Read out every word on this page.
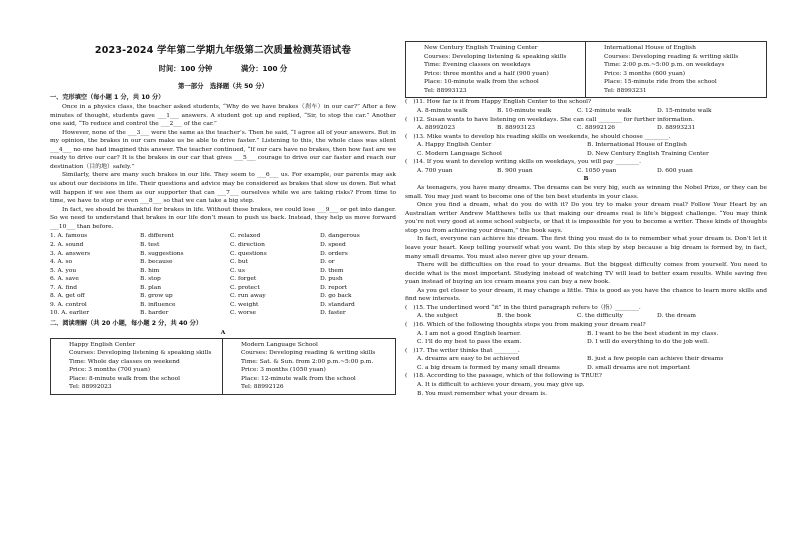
2023-2024 学年第二学期九年级第二次质量检测英语试卷
时间：100 分钟　　　　满分：100 分
第一部分　选择题（共 50 分）
一、完形填空（每小题 1 分，共 10 分）

Once in a physics class, the teacher asked students, “Why do we have brakes（刹车）in our car?” After a few minutes of thought, students gave ___1___ answers. A student got up and replied, “Sir, to stop the car.” Another one said, “To reduce and control the ___2___ of the car.”

However, none of the ___3___ were the same as the teacher’s. Then he said, “I agree all of your answers. But in my opinion, the brakes in our cars make us be able to drive faster.” Listening to this, the whole class was silent ___4___ no one had imagined this answer. The teacher continued, “If our cars have no brakes, then how fast are we ready to drive our car? It is the brakes in our car that gives ___5___ courage to drive our car faster and reach our destination（目的地）safely.”

Similarly, there are many such brakes in our life. They seem to ___6___ us. For example, our parents may ask us about our decisions in life. Their questions and advice may be considered as brakes that slow us down. But what will happen if we see them as our supporter that can ___7___ ourselves while we are taking risks? From time to time, we have to stop or even ___8___ so that we can take a big step.

In fact, we should be thankful for brakes in life. Without these brakes, we could lose ___9___ or get into danger. So we need to understand that brakes in our life don’t mean to push us back. Instead, they help us move forward ___10___ than before.

1. A. famous	B. different	C. relaxed	D. dangerous
2. A. sound	B. test	C. direction	D. speed
3. A. answers	B. suggestions	C. questions	D. orders
4. A. so	B. because	C. but	D. or
5. A. you	B. him	C. us	D. them
6. A. save	B. stop	C. forget	D. push
7. A. find	B. plan	C. protect	D. report
8. A. get off	B. grow up	C. run away	D. go back
9. A. control	B. influence	C. weight	D. standard
10. A. earlier	B. harder	C. worse	D. faster
二、阅读理解（共 20 小题，每小题 2 分，共 40 分）
A
Happy English Center
Courses: Developing listening & speaking skills
Time: Whole day classes on weekend
Price: 3 months (700 yuan)
Place: 8-minute walk from the school
Tel: 88992023
Modern Language School
Courses: Developing reading & writing skills
Time: Sat. & Sun. from 2:00 p.m.~5:00 p.m.
Price: 3 months (1050 yuan)
Place: 12-minute walk from the school
Tel: 88992126
New Century English Training Center
Courses: Developing listening & speaking skills
Time: Evening classes on weekdays
Price: three months and a half (900 yuan)
Place: 10-minute walk from the school
Tel: 88993123
International House of English
Courses: Developing reading & writing skills
Time: 2:00 p.m.~5:00 p.m. on weekdays
Price: 3 months (600 yuan)
Place: 15-minute ride from the school
Tel: 88993231
(　)11. How far is it from Happy English Center to the school?
A. 8-minute walk	B. 10-minute walk	C. 12-minute walk	D. 15-minute walk
(　)12. Susan wants to have listening on weekdays. She can call ________ for further information.
A. 88992023	B. 88993123	C. 88992126	D. 88993231
(　)13. Mike wants to develop his reading skills on weekends, he should choose ________.
A. Happy English Center	B. International House of English
C. Modern Language School	D. New Century English Training Center
(　)14. If you want to develop writing skills on weekdays, you will pay ________.
A. 700 yuan	B. 900 yuan	C. 1050 yuan	D. 600 yuan
B

As teenagers, you have many dreams. The dreams can be very big, such as winning the Nobel Prize, or they can be small. You may just want to become one of the ten best students in your class.

Once you find a dream, what do you do with it? Do you try to make your dream real? Follow Your Heart by an Australian writer Andrew Matthews tells us that making our dreams real is life’s biggest challenge. “You may think you’re not very good at some school subjects, or that it is impossible for you to become a writer. These kinds of thoughts stop you from achieving your dream,” the book says.

In fact, everyone can achieve his dream. The first thing you must do is to remember what your dream is. Don’t let it leave your heart. Keep telling yourself what you want. Do this step by step because a big dream is formed by, in fact, many small dreams. You must also never give up your dream.

There will be difficulties on the road to your dreams. But the biggest difficulty comes from yourself. You need to decide what is the most important. Studying instead of watching TV will lead to better exam results. While saving five yuan instead of buying an ice cream means you can buy a new book.

As you get closer to your dream, it may change a little. This is good as you have the chance to learn more skills and find new interests.

(　)15. The underlined word “it” in the third paragraph refers to（指）________.
A. the subject	B. the book	C. the difficulty	D. the dream
(　)16. Which of the following thoughts stops you from making your dream real?
A. I am not a good English learner.	B. I want to be the best student in my class.
C. I'll do my best to pass the exam.	D. I will do everything to do the job well.
(　)17. The writer thinks that ________.
A. dreams are easy to be achieved	B. just a few people can achieve their dreams
C. a big dream is formed by many small dreams	D. small dreams are not important
(　)18. According to the passage, which of the following is TRUE?
A. It is difficult to achieve your dream, you may give up.
B. You must remember what your dream is.
